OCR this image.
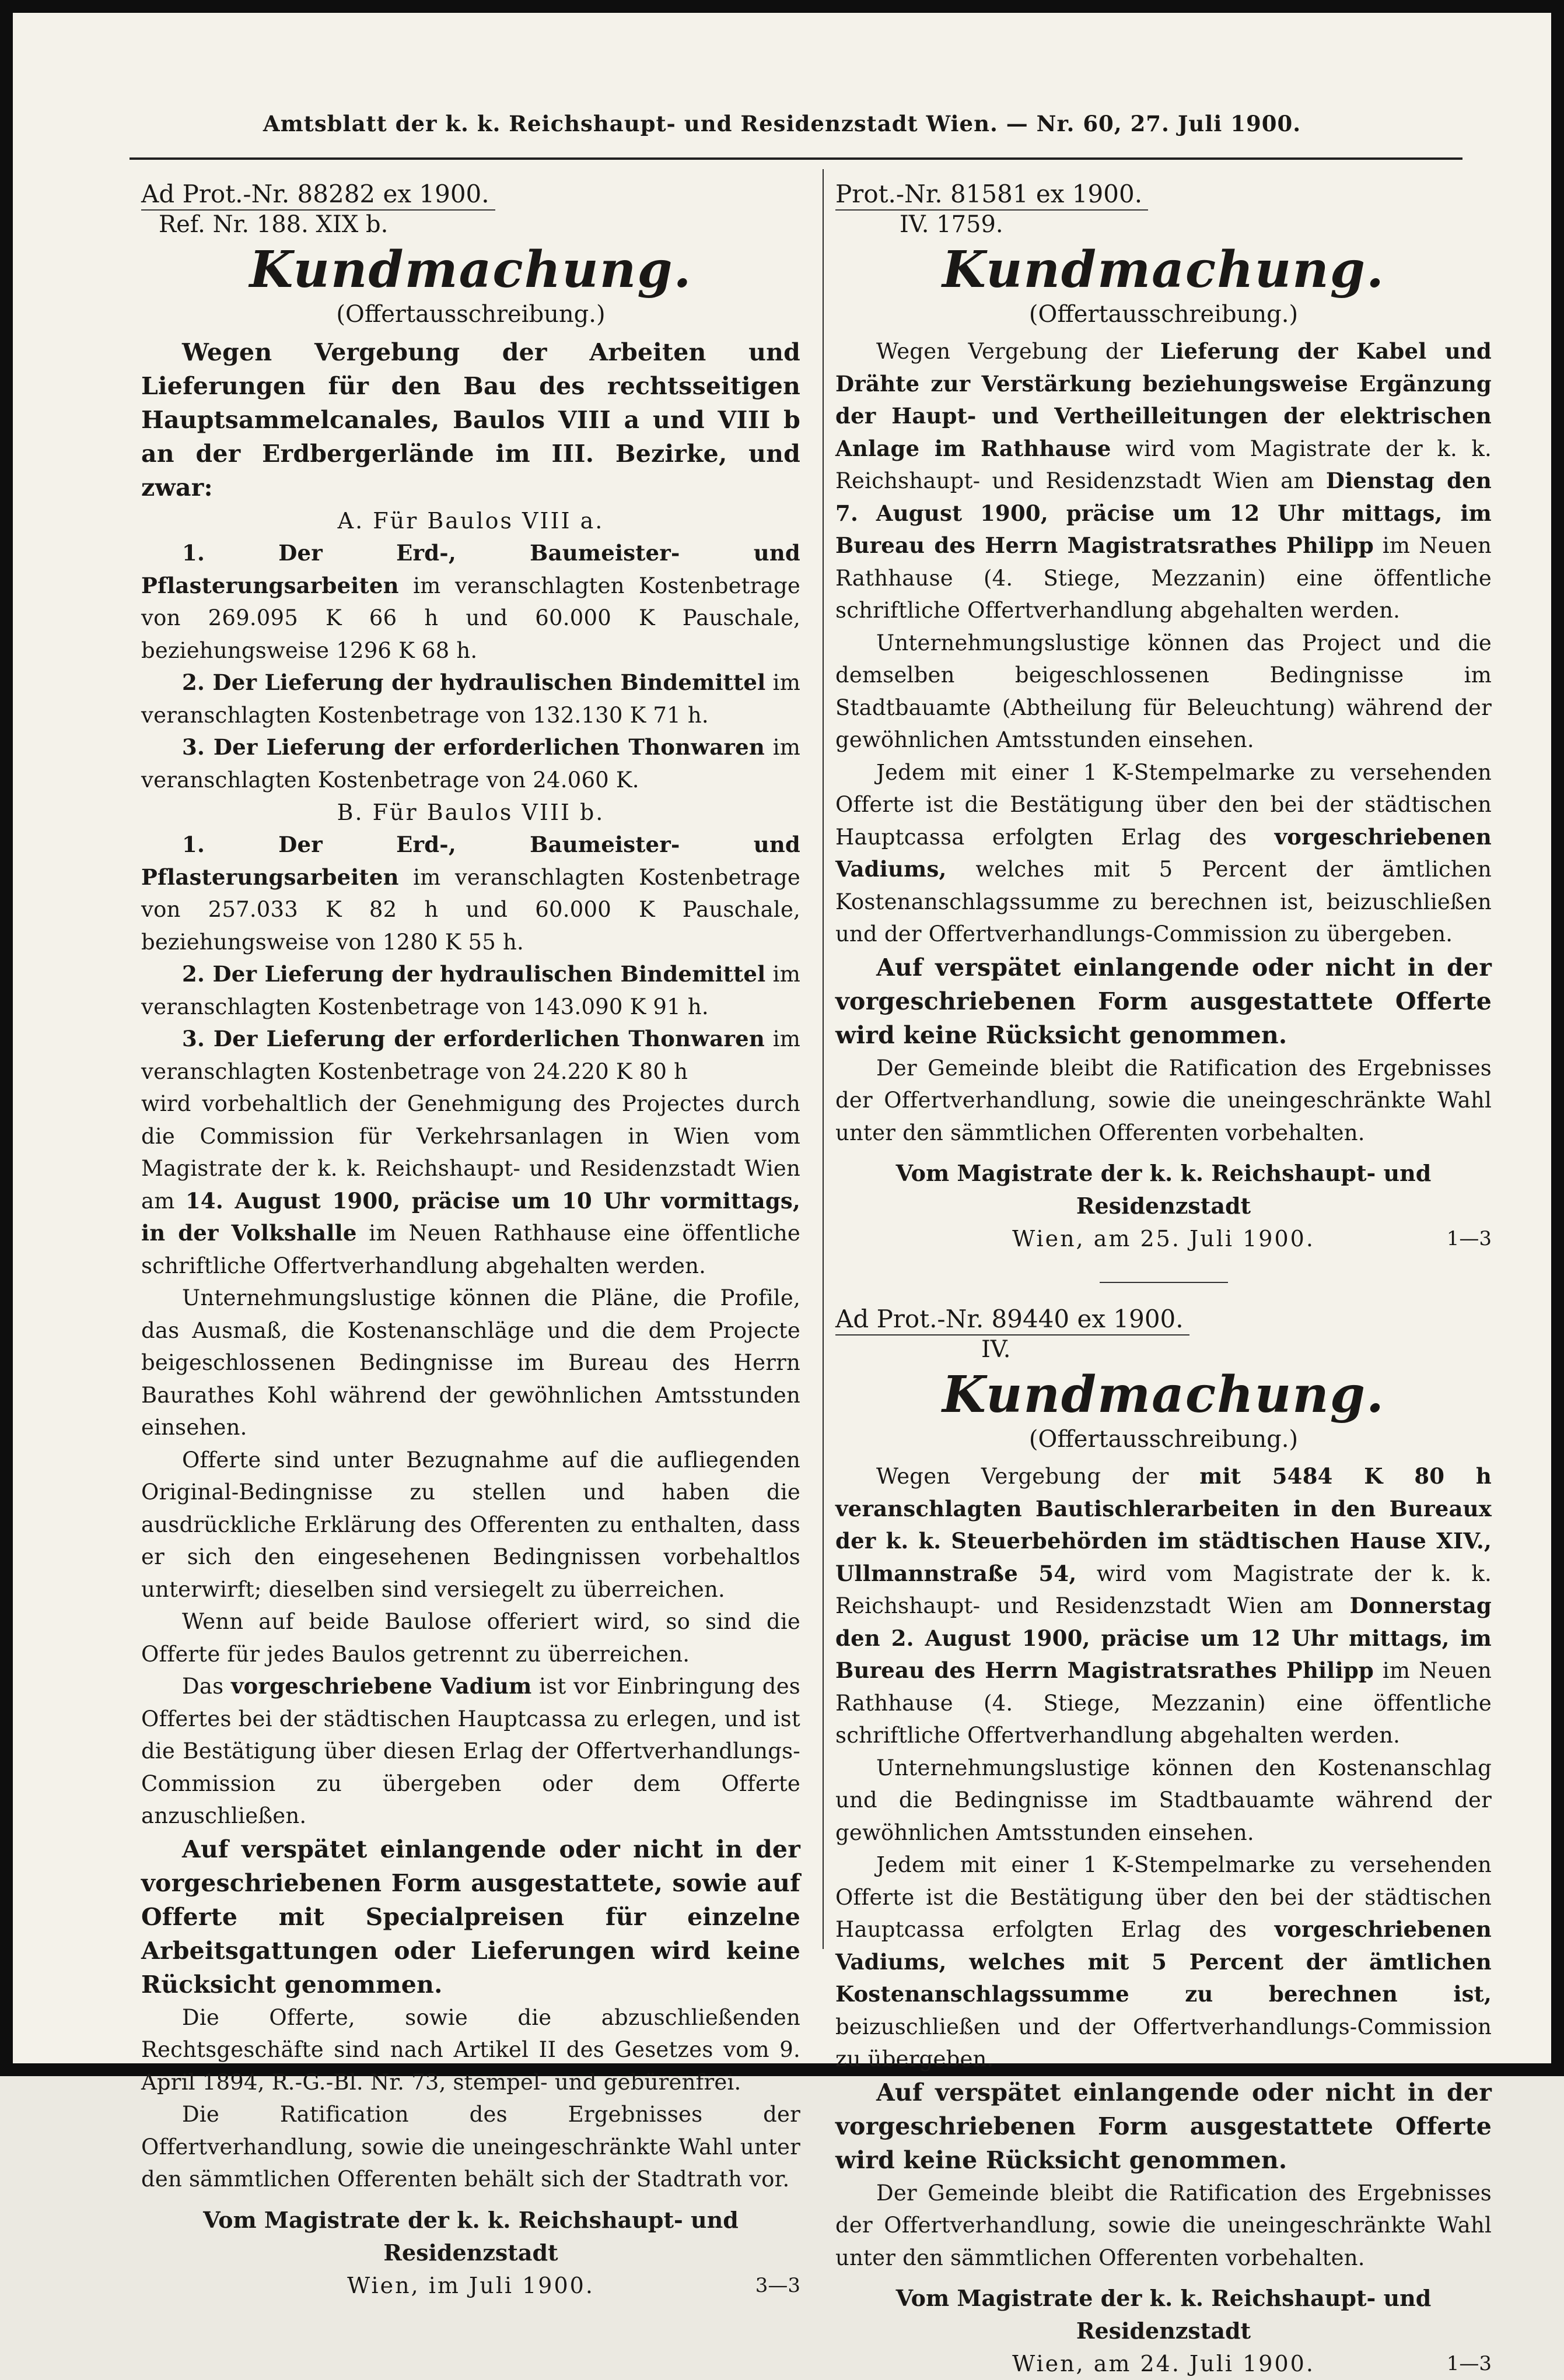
Amtsblatt der k. k. Reichshaupt- und Residenzstadt Wien. — Nr. 60, 27. Juli 1900.
Ad Prot.-Nr. 88282 ex 1900.
Ref. Nr. 188. XIX b.
Kundmachung.
(Offertausschreibung.)

Wegen Vergebung der Arbeiten und Lieferungen für den Bau des rechtsseitigen Hauptsammelcanales, Baulos VIII a und VIII b an der Erdbergerlände im III. Bezirke, und zwar:

A. Für Baulos VIII a.

1. Der Erd-, Baumeister- und Pflasterungsarbeiten im veranschlagten Kostenbetrage von 269.095 K 66 h und 60.000 K Pauschale, beziehungsweise 1296 K 68 h.

2. Der Lieferung der hydraulischen Bindemittel im veranschlagten Kostenbetrage von 132.130 K 71 h.

3. Der Lieferung der erforderlichen Thonwaren im veranschlagten Kostenbetrage von 24.060 K.

B. Für Baulos VIII b.

1. Der Erd-, Baumeister- und Pflasterungsarbeiten im veranschlagten Kostenbetrage von 257.033 K 82 h und 60.000 K Pauschale, beziehungsweise von 1280 K 55 h.

2. Der Lieferung der hydraulischen Bindemittel im veranschlagten Kostenbetrage von 143.090 K 91 h.

3. Der Lieferung der erforderlichen Thonwaren im veranschlagten Kostenbetrage von 24.220 K 80 h

wird vorbehaltlich der Genehmigung des Projectes durch die Commission für Verkehrsanlagen in Wien vom Magistrate der k. k. Reichshaupt- und Residenzstadt Wien am 14. August 1900, präcise um 10 Uhr vormittags, in der Volkshalle im Neuen Rathhause eine öffentliche schriftliche Offertverhandlung abgehalten werden.

Unternehmungslustige können die Pläne, die Profile, das Ausmaß, die Kostenanschläge und die dem Projecte beigeschlossenen Bedingnisse im Bureau des Herrn Baurathes Kohl während der gewöhnlichen Amtsstunden einsehen.

Offerte sind unter Bezugnahme auf die aufliegenden Original-Bedingnisse zu stellen und haben die ausdrückliche Erklärung des Offerenten zu enthalten, dass er sich den eingesehenen Bedingnissen vorbehaltlos unterwirft; dieselben sind versiegelt zu überreichen.

Wenn auf beide Baulose offeriert wird, so sind die Offerte für jedes Baulos getrennt zu überreichen.

Das vorgeschriebene Vadium ist vor Einbringung des Offertes bei der städtischen Hauptcassa zu erlegen, und ist die Bestätigung über diesen Erlag der Offertverhandlungs-Commission zu übergeben oder dem Offerte anzuschließen.

Auf verspätet einlangende oder nicht in der vorgeschriebenen Form ausgestattete, sowie auf Offerte mit Specialpreisen für einzelne Arbeitsgattungen oder Lieferungen wird keine Rücksicht genommen.

Die Offerte, sowie die abzuschließenden Rechtsgeschäfte sind nach Artikel II des Gesetzes vom 9. April 1894, R.-G.-Bl. Nr. 73, stempel- und gebürenfrei.

Die Ratification des Ergebnisses der Offertverhandlung, sowie die uneingeschränkte Wahl unter den sämmtlichen Offerenten behält sich der Stadtrath vor.

Vom Magistrate der k. k. Reichshaupt- und Residenzstadt
Wien, im Juli 1900.	3—3
Prot.-Nr. 81581 ex 1900.
IV. 1759.
Kundmachung.
(Offertausschreibung.)

Wegen Vergebung der Lieferung der Kabel und Drähte zur Verstärkung beziehungsweise Ergänzung der Haupt- und Vertheilleitungen der elektrischen Anlage im Rathhause wird vom Magistrate der k. k. Reichshaupt- und Residenzstadt Wien am Dienstag den 7. August 1900, präcise um 12 Uhr mittags, im Bureau des Herrn Magistratsrathes Philipp im Neuen Rathhause (4. Stiege, Mezzanin) eine öffentliche schriftliche Offertverhandlung abgehalten werden.

Unternehmungslustige können das Project und die demselben beigeschlossenen Bedingnisse im Stadtbauamte (Abtheilung für Beleuchtung) während der gewöhnlichen Amtsstunden einsehen.

Jedem mit einer 1 K-Stempelmarke zu versehenden Offerte ist die Bestätigung über den bei der städtischen Hauptcassa erfolgten Erlag des vorgeschriebenen Vadiums, welches mit 5 Percent der ämtlichen Kostenanschlagssumme zu berechnen ist, beizuschließen und der Offertverhandlungs-Commission zu übergeben.

Auf verspätet einlangende oder nicht in der vorgeschriebenen Form ausgestattete Offerte wird keine Rücksicht genommen.

Der Gemeinde bleibt die Ratification des Ergebnisses der Offertverhandlung, sowie die uneingeschränkte Wahl unter den sämmtlichen Offerenten vorbehalten.

Vom Magistrate der k. k. Reichshaupt- und Residenzstadt
Wien, am 25. Juli 1900.	1—3
Ad Prot.-Nr. 89440 ex 1900.
IV.
Kundmachung.
(Offertausschreibung.)

Wegen Vergebung der mit 5484 K 80 h veranschlagten Bautischlerarbeiten in den Bureaux der k. k. Steuerbehörden im städtischen Hause XIV., Ullmannstraße 54, wird vom Magistrate der k. k. Reichshaupt- und Residenzstadt Wien am Donnerstag den 2. August 1900, präcise um 12 Uhr mittags, im Bureau des Herrn Magistratsrathes Philipp im Neuen Rathhause (4. Stiege, Mezzanin) eine öffentliche schriftliche Offertverhandlung abgehalten werden.

Unternehmungslustige können den Kostenanschlag und die Bedingnisse im Stadtbauamte während der gewöhnlichen Amtsstunden einsehen.

Jedem mit einer 1 K-Stempelmarke zu versehenden Offerte ist die Bestätigung über den bei der städtischen Hauptcassa erfolgten Erlag des vorgeschriebenen Vadiums, welches mit 5 Percent der ämtlichen Kostenanschlagssumme zu berechnen ist, beizuschließen und der Offertverhandlungs-Commission zu übergeben.

Auf verspätet einlangende oder nicht in der vorgeschriebenen Form ausgestattete Offerte wird keine Rücksicht genommen.

Der Gemeinde bleibt die Ratification des Ergebnisses der Offertverhandlung, sowie die uneingeschränkte Wahl unter den sämmtlichen Offerenten vorbehalten.

Vom Magistrate der k. k. Reichshaupt- und Residenzstadt
Wien, am 24. Juli 1900.	1—3
